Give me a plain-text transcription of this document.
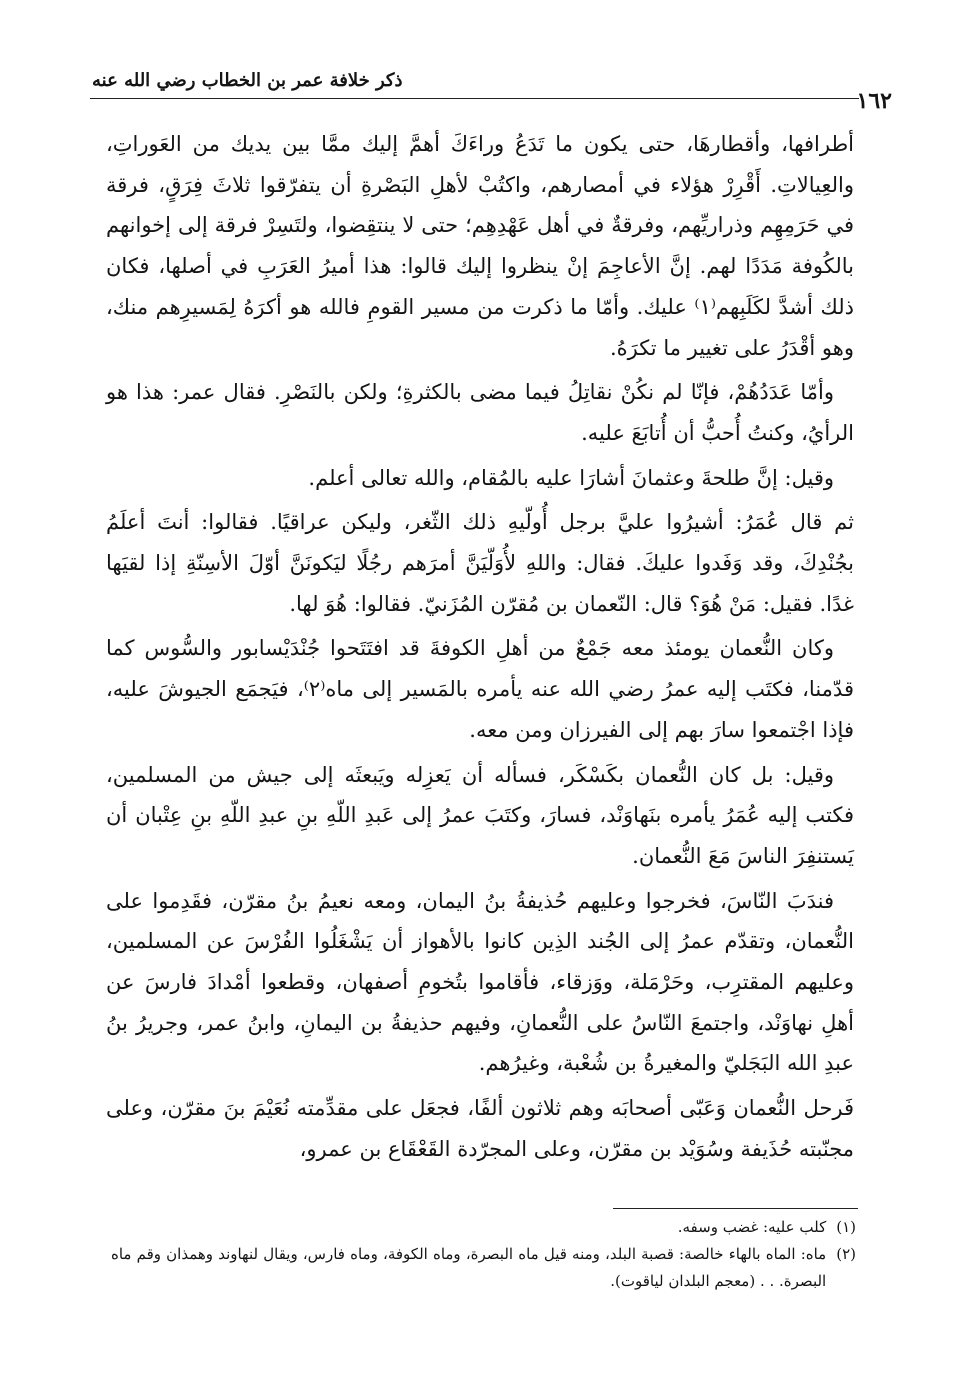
ذكر خلافة عمر بن الخطاب رضي الله عنه
١٦٢

أطرافها، وأقطارهَا، حتى يكون ما تَدَعُ وراءَكَ أهمَّ إليك ممَّا بين يديك من العَوراتِ، والعِيالاتِ. أَقْرِرْ هؤلاء في أمصارهم، واكتُبْ لأهلِ البَصْرةِ أن يتفرّقوا ثلاثَ فِرَقٍ، فرقة في حَرَمِهِم وذراريِّهم، وفرقةٌ في أهل عَهْدِهِم؛ حتى لا ينتقِضوا، ولتَسِرْ فرقة إلى إخوانهم بالكُوفة مَدَدًا لهم. إنَّ الأعاجِمَ إنْ ينظروا إليك قالوا: هذا أميرُ العَرَبِ في أصلها، فكان ذلك أشدَّ لكَلَبِهم⁽١⁾ عليك. وأمّا ما ذكرت من مسير القومِ فالله هو أكرَهُ لِمَسيرِهم منك، وهو أقْدَرُ على تغيير ما تكرَهُ.

وأمّا عَدَدُهُمْ، فإنّا لم نكُنْ نقاتِلُ فيما مضى بالكثرةِ؛ ولكن بالنَصْرِ. فقال عمر: هذا هو الرأيُ، وكنتُ أُحبُّ أن أُتابَعَ عليه.

وقيل: إنَّ طلحةَ وعثمانَ أشارَا عليه بالمُقام، والله تعالى أعلم.

ثم قال عُمَرُ: أشيرُوا عليَّ برجل أُولّيهِ ذلك الثّغر، وليكن عراقيًا. فقالوا: أنتَ أعلَمُ بجُنْدِكَ، وقد وَفَدوا عليكَ. فقال: واللهِ لأُوَلّيَنَّ أمرَهم رجُلًا ليَكونَنَّ أوّلَ الأسِنّةِ إذا لقيَها غدًا. فقيل: مَنْ هُوَ؟ قال: النّعمان بن مُقرّن المُزَنيّ. فقالوا: هُوَ لها.

وكان النُّعمان يومئذ معه جَمْعٌ من أهلِ الكوفةَ قد افتَتَحوا جُنْدَيْسابور والسُّوس كما قدّمنا، فكتَب إليه عمرُ رضي الله عنه يأمره بالمَسير إلى ماه⁽٢⁾، فيَجمَع الجيوشَ عليه، فإذا اجْتمعوا سارَ بهم إلى الفيرزان ومن معه.

وقيل: بل كان النُّعمان بكَسْكَر، فسأله أن يَعزِله ويَبعثَه إلى جيش من المسلمين، فكتب إليه عُمَرُ يأمره بنَهاوَنْد، فسارَ، وكتَبَ عمرُ إلى عَبدِ اللّهِ بنِ عبدِ اللّهِ بنِ عِتْبان أن يَستنفِرَ الناسَ مَعَ النُّعمان.

فندَبَ النّاسَ، فخرجوا وعليهم حُذيفةُ بنُ اليمان، ومعه نعيمُ بنُ مقرّن، فقَدِموا على النُّعمان، وتقدّم عمرُ إلى الجُند الذِين كانوا بالأهواز أن يَشْغَلُوا الفُرْسَ عن المسلمين، وعليهم المقترِب، وحَرْمَلة، ووَزقاء، فأقاموا بتُخومِ أصفهان، وقطعوا أمْدادَ فارسَ عن أهلِ نهاوَنْد، واجتمعَ النّاسُ على النُّعمانِ، وفيهم حذيفةُ بن اليمانِ، وابنُ عمر، وجريرُ بنُ عبدِ الله البَجَليّ والمغيرةُ بن شُعْبة، وغيرُهم.

فَرحل النُّعمان وَعَبّى أصحابَه وهم ثلاثون ألفًا، فجعَل على مقدِّمته نُعَيْمَ بنَ مقرّن، وعلى مجنّبته حُذَيفة وسُوَيْد بن مقرّن، وعلى المجرّدة القَعْقَاع بن عمرو،

(١)
كلب عليه: غضب وسفه.
(٢)
ماه: الماه بالهاء خالصة: قصبة البلد، ومنه قيل ماه البصرة، وماه الكوفة، وماه فارس، ويقال لنهاوند وهمذان وقم ماه البصرة. . . (معجم البلدان لياقوت).
